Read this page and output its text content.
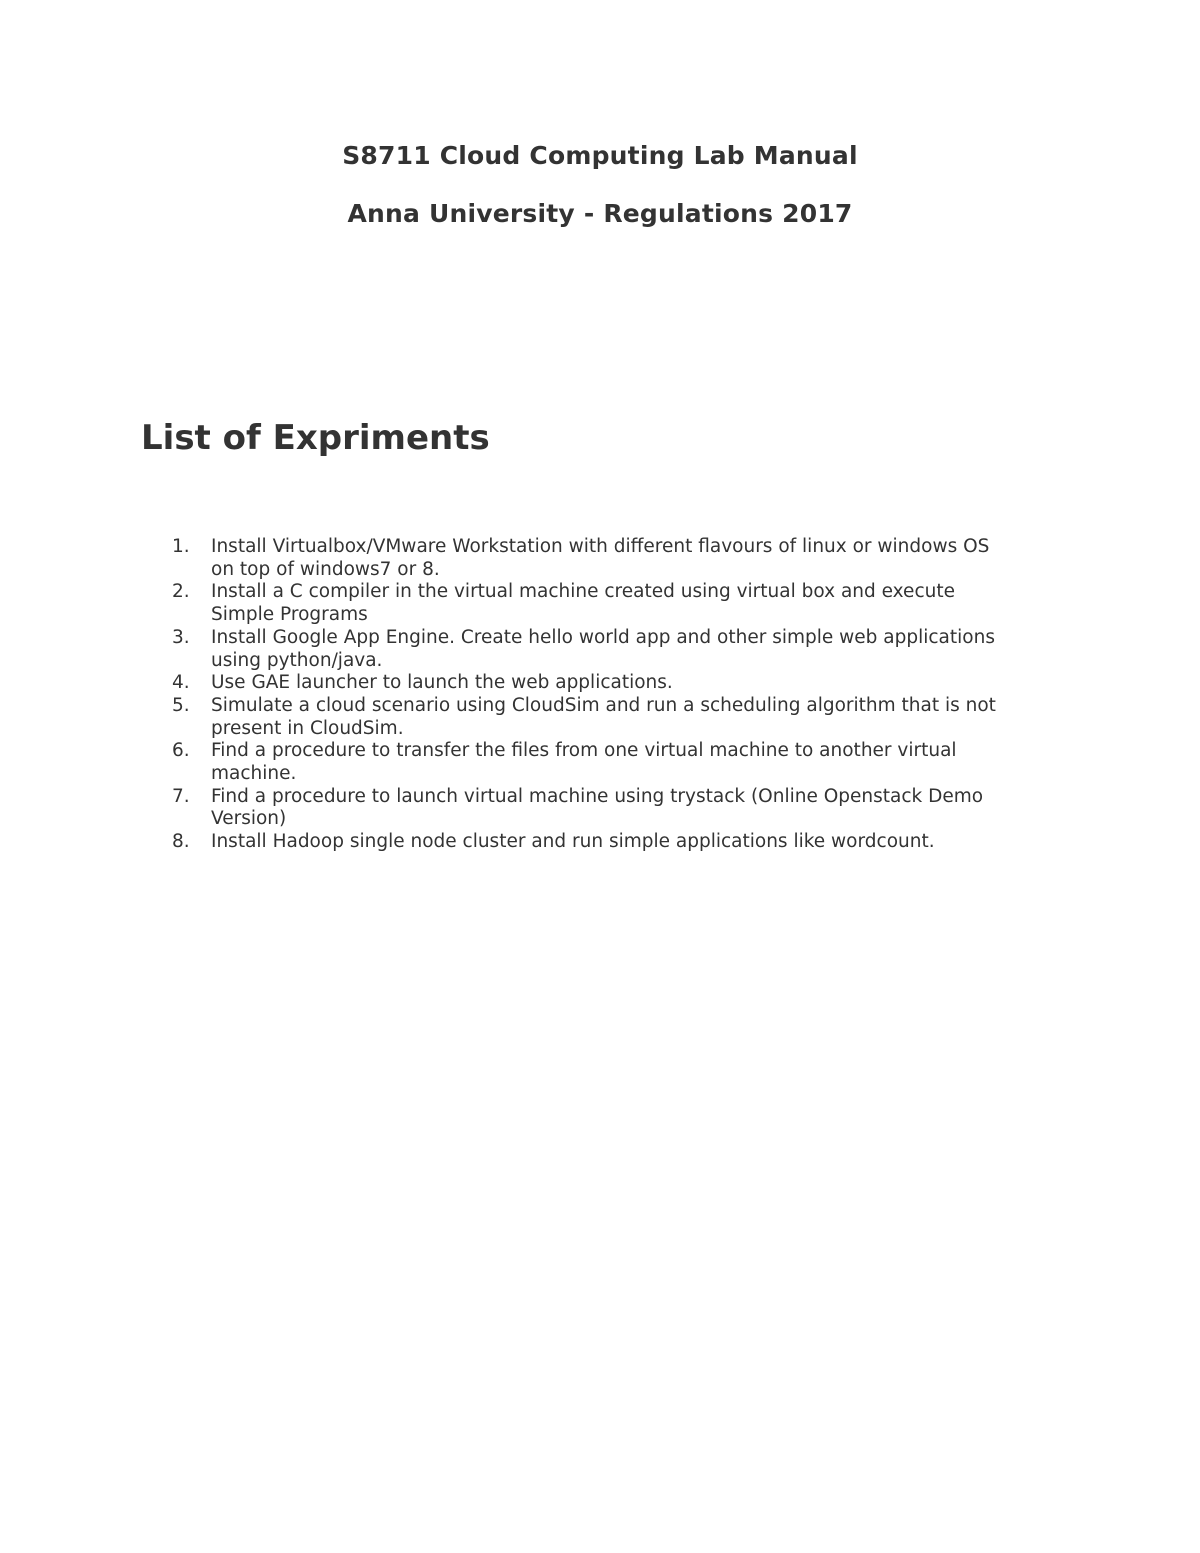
S8711 Cloud Computing Lab Manual
Anna University - Regulations 2017
List of Expriments
1.	Install Virtualbox/VMware Workstation with different flavours of linux or windows OS
on top of windows7 or 8.
2.	Install a C compiler in the virtual machine created using virtual box and execute
Simple Programs
3.	Install Google App Engine. Create hello world app and other simple web applications
using python/java.
4.	Use GAE launcher to launch the web applications.
5.	Simulate a cloud scenario using CloudSim and run a scheduling algorithm that is not
present in CloudSim.
6.	Find a procedure to transfer the files from one virtual machine to another virtual
machine.
7.	Find a procedure to launch virtual machine using trystack (Online Openstack Demo
Version)
8.	Install Hadoop single node cluster and run simple applications like wordcount.
